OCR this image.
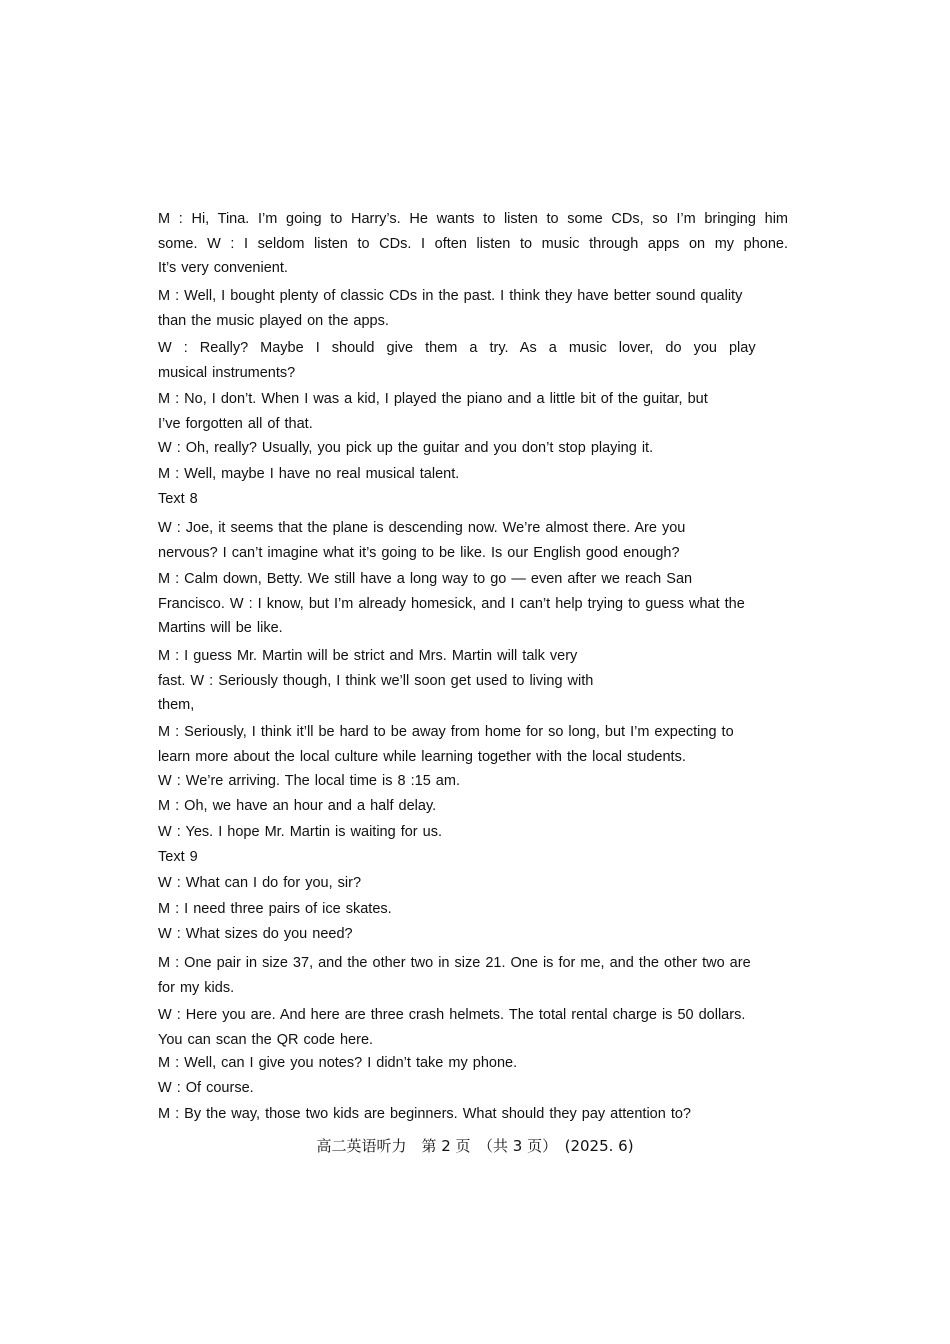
M : Hi, Tina. I’m going to Harry’s. He wants to listen to some CDs, so I’m bringing him
some. W : I seldom listen to CDs. I often listen to music through apps on my phone.
It’s very convenient.
M : Well, I bought plenty of classic CDs in the past. I think they have better sound quality
than the music played on the apps.
W : Really? Maybe I should give them a try. As a music lover, do you play
musical instruments?
M : No, I don’t. When I was a kid, I played the piano and a little bit of the guitar, but
I’ve forgotten all of that.
W : Oh, really? Usually, you pick up the guitar and you don’t stop playing it.
M : Well, maybe I have no real musical talent.
Text 8
W : Joe, it seems that the plane is descending now. We’re almost there. Are you
nervous? I can’t imagine what it’s going to be like. Is our English good enough?
M : Calm down, Betty. We still have a long way to go — even after we reach San
Francisco. W : I know, but I’m already homesick, and I can’t help trying to guess what the
Martins will be like.
M : I guess Mr. Martin will be strict and Mrs. Martin will talk very
fast. W : Seriously though, I think we’ll soon get used to living with
them,
M : Seriously, I think it’ll be hard to be away from home for so long, but I’m expecting to
learn more about the local culture while learning together with the local students.
W : We’re arriving. The local time is 8 :15 am.
M : Oh, we have an hour and a half delay.
W : Yes. I hope Mr. Martin is waiting for us.
Text 9
W : What can I do for you, sir?
M : I need three pairs of ice skates.
W : What sizes do you need?
M : One pair in size 37, and the other two in size 21. One is for me, and the other two are
for my kids.
W : Here you are. And here are three crash helmets. The total rental charge is 50 dollars.
You can scan the QR code here.
M : Well, can I give you notes? I didn’t take my phone.
W : Of course.
M : By the way, those two kids are beginners. What should they pay attention to?
高二英语听力　第 2 页　（共 3 页）　(2025. 6)
